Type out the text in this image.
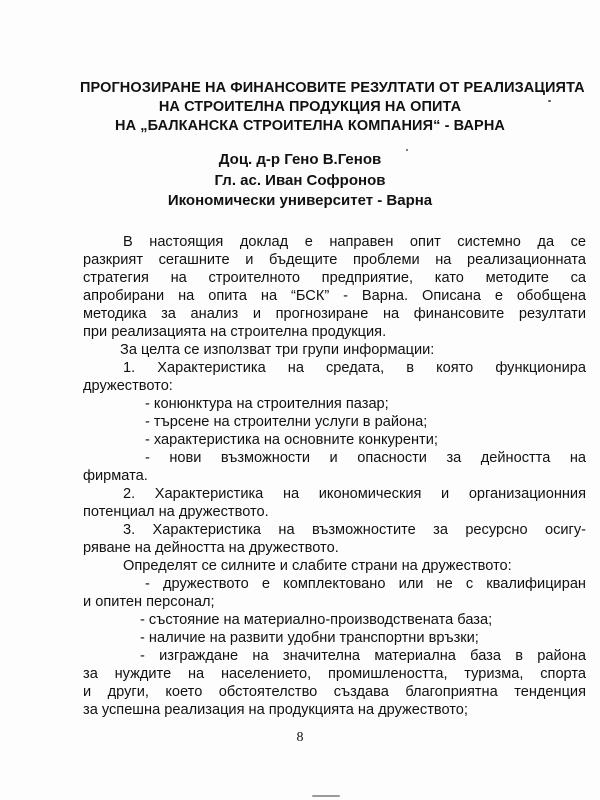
ПРОГНОЗИРАНЕ НА ФИНАНСОВИТЕ РЕЗУЛТАТИ ОТ РЕАЛИЗАЦИЯТА
НА СТРОИТЕЛНА ПРОДУКЦИЯ НА ОПИТА
НА „БАЛКАНСКА СТРОИТЕЛНА КОМПАНИЯ“ - ВАРНА
Доц. д-р Гено В.Генов
Гл. ас. Иван Софронов
Икономически университет - Варна
В настоящия доклад е направен опит системно да се
разкрият сегашните и бъдещите проблеми на реализационната
стратегия на строителното предприятие, като методите са
апробирани на опита на “БСК” - Варна. Описана е обобщена
методика за анализ и прогнозиране на финансовите резултати
при реализацията на строителна продукция.
За целта се използват три групи информации:
1. Характеристика на средата, в която функционира
дружеството:
- конюнктура на строителния пазар;
- търсене на строителни услуги в района;
- характеристика на основните конкуренти;
- нови възможности и опасности за дейността на
фирмата.
2. Характеристика на икономическия и организационния
потенциал на дружеството.
3. Характеристика на възможностите за ресурсно осигу-
ряване на дейността на дружеството.
Определят се силните и слабите страни на дружеството:
- дружеството е комплектовано или не с квалифициран
и опитен персонал;
- състояние на материално-производствената база;
- наличие на развити удобни транспортни връзки;
- изграждане на значителна материална база в района
за нуждите на населението, промишлеността, туризма, спорта
и други, което обстоятелство създава благоприятна тенденция
за успешна реализация на продукцията на дружеството;
8
